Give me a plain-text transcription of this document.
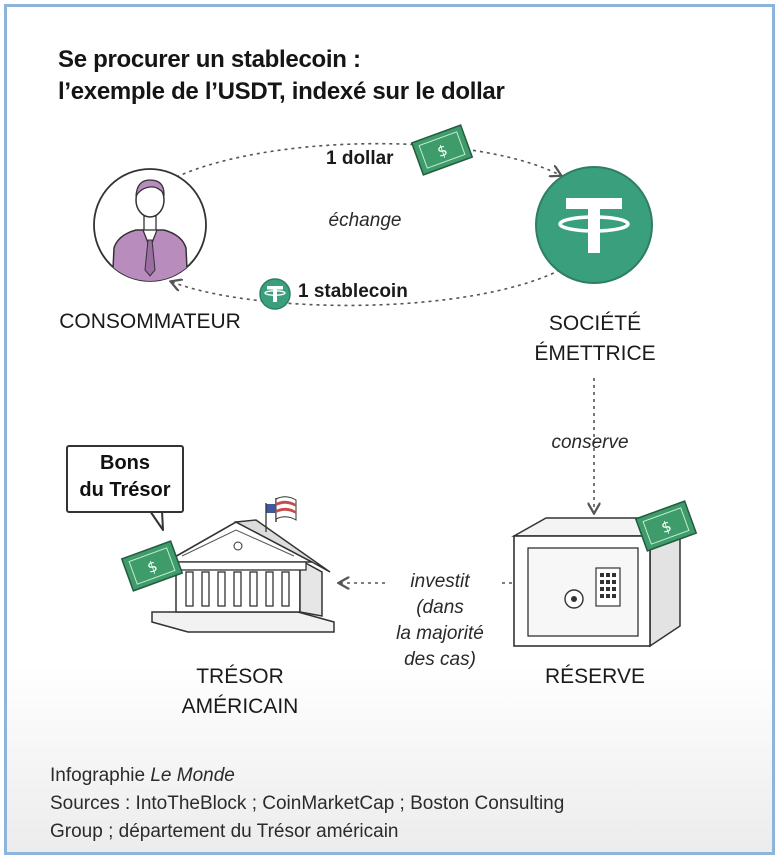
Se procurer un stablecoin :
l’exemple de l’USDT, indexé sur le dollar
$
$
$
1 dollar
1 stablecoin
échange
conserve
investit
(dans
la majorité
des cas)
CONSOMMATEUR	SOCIÉTÉ
ÉMETTRICE
RÉSERVE
TRÉSOR
AMÉRICAIN
Bons
du Trésor
Infographie Le Monde
Sources : IntoTheBlock ; CoinMarketCap ; Boston Consulting
Group ; département du Trésor américain
